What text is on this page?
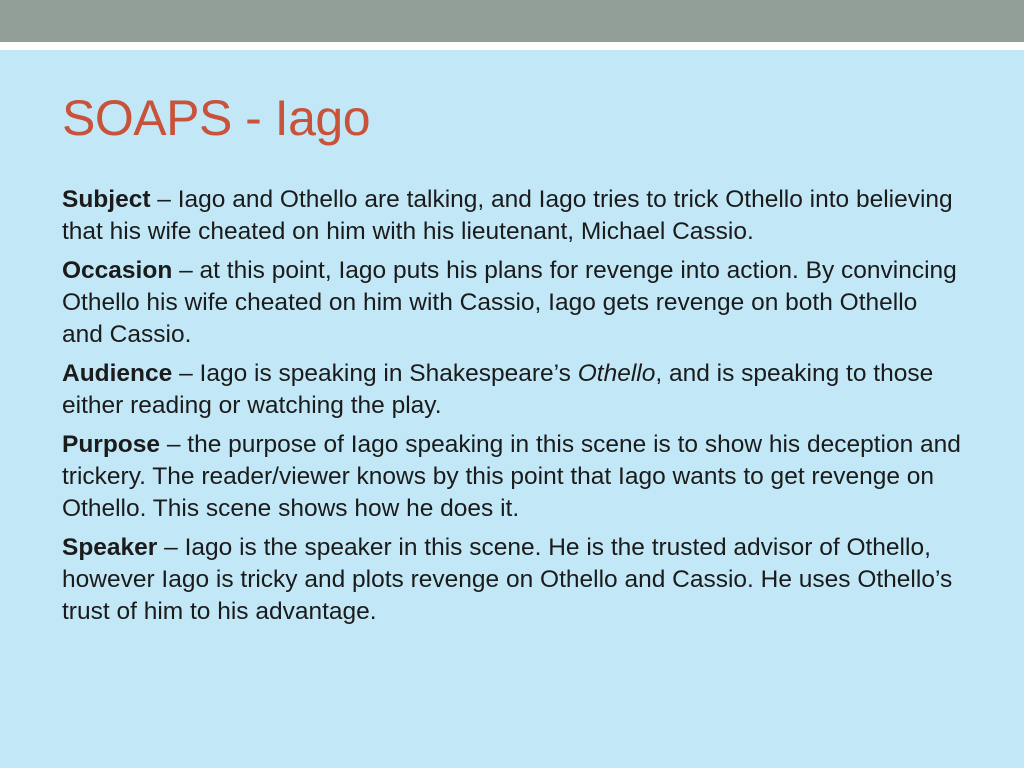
SOAPS - Iago

Subject – Iago and Othello are talking, and Iago tries to trick Othello into believing that his wife cheated on him with his lieutenant, Michael Cassio.

Occasion – at this point, Iago puts his plans for revenge into action. By convincing Othello his wife cheated on him with Cassio, Iago gets revenge on both Othello and Cassio.

Audience – Iago is speaking in Shakespeare’s Othello, and is speaking to those either reading or watching the play.

Purpose – the purpose of Iago speaking in this scene is to show his deception and trickery. The reader/viewer knows by this point that Iago wants to get revenge on Othello. This scene shows how he does it.

Speaker – Iago is the speaker in this scene. He is the trusted advisor of Othello, however Iago is tricky and plots revenge on Othello and Cassio. He uses Othello’s trust of him to his advantage.
